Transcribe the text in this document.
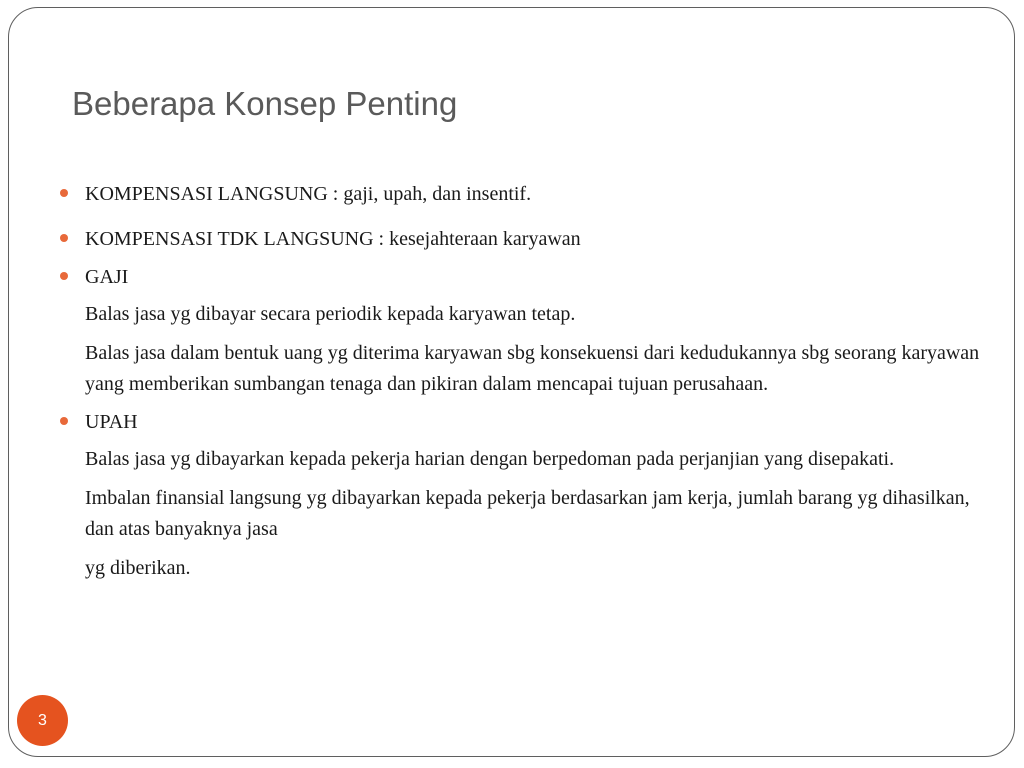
Beberapa Konsep Penting
KOMPENSASI LANGSUNG : gaji, upah, dan insentif.
KOMPENSASI TDK LANGSUNG : kesejahteraan karyawan
GAJI

Balas jasa yg dibayar secara periodik kepada karyawan tetap.

Balas jasa dalam bentuk uang yg diterima karyawan sbg konsekuensi dari kedudukannya sbg seorang karyawan yang memberikan sumbangan tenaga dan pikiran dalam mencapai tujuan perusahaan.

UPAH

Balas jasa yg dibayarkan kepada pekerja harian dengan berpedoman pada perjanjian yang disepakati.

Imbalan finansial langsung yg dibayarkan kepada pekerja berdasarkan jam kerja, jumlah barang yg dihasilkan, dan atas banyaknya jasa

yg diberikan.

3
